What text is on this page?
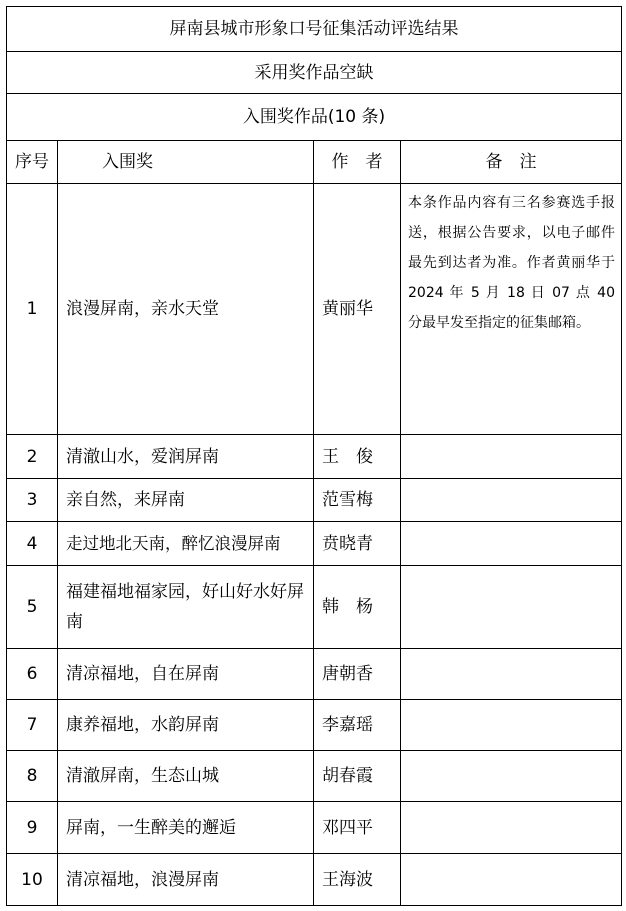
屏南县城市形象口号征集活动评选结果			
采用奖作品空缺			
入围奖作品(10 条)			
序号	入围奖	作　者	备　注
1	浪漫屏南，亲水天堂	黄丽华	本条作品内容有三名参赛选手报送，根据公告要求，以电子邮件最先到达者为准。作者黄丽华于 2024 年 5 月 18 日 07 点 40 分最早发至指定的征集邮箱。
2	清澈山水，爱润屏南	王　俊	
3	亲自然，来屏南	范雪梅	
4	走过地北天南，醉忆浪漫屏南	贲晓青	
5	福建福地福家园，好山好水好屏南	韩　杨	
6	清凉福地，自在屏南	唐朝香	
7	康养福地，水韵屏南	李嘉瑶	
8	清澈屏南，生态山城	胡春霞	
9	屏南，一生醉美的邂逅	邓四平	
10	清凉福地，浪漫屏南	王海波	
